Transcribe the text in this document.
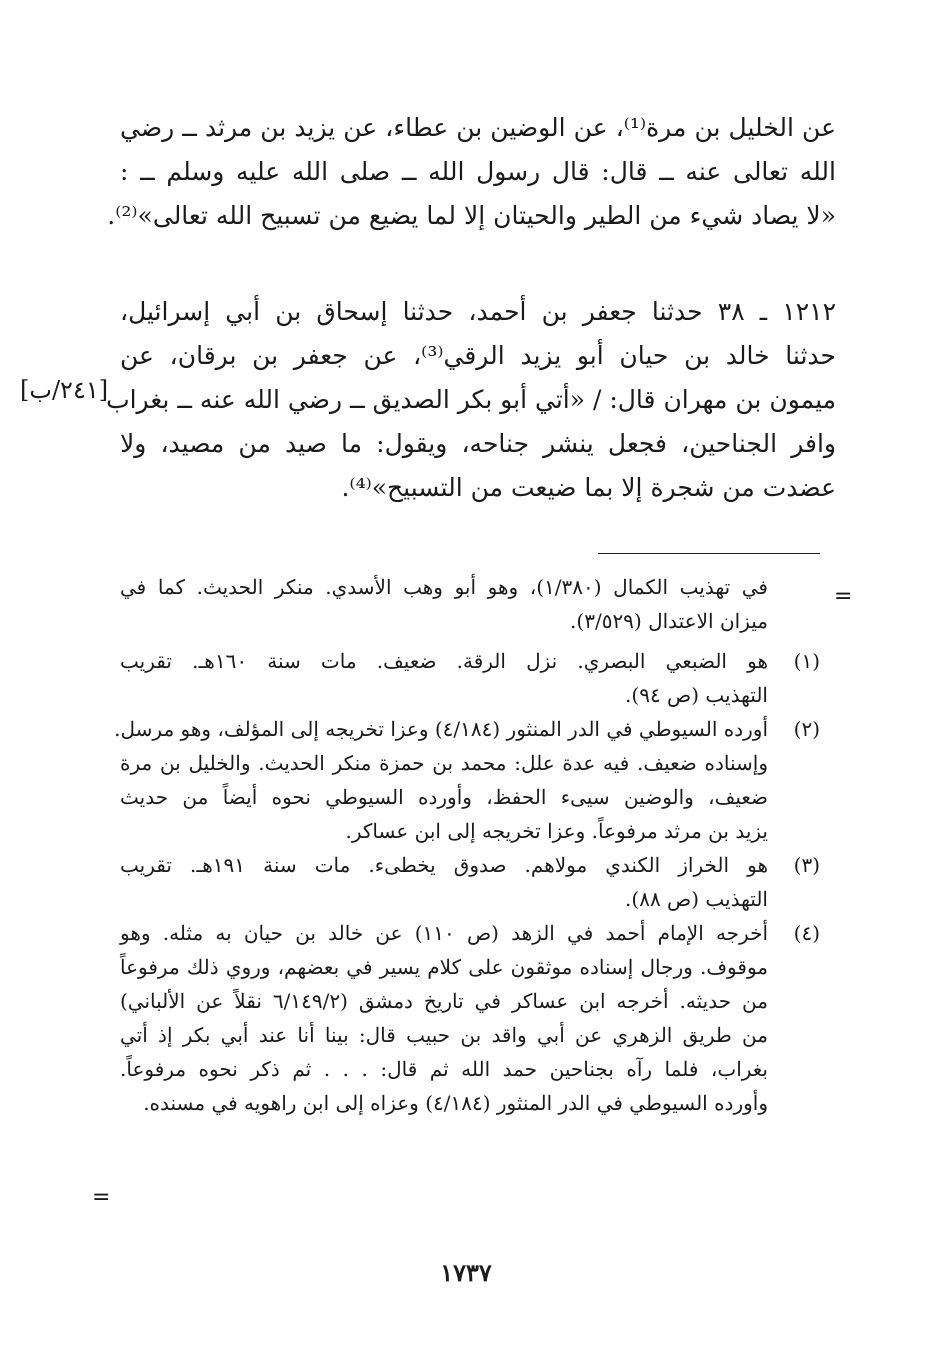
عن الخليل بن مرة⁽¹⁾، عن الوضين بن عطاء، عن يزيد بن مرثد ــ رضي
الله تعالى عنه ــ قال: قال رسول الله ــ صلى الله عليه وسلم ــ :
«لا يصاد شيء من الطير والحيتان إلا لما يضيع من تسبيح الله تعالى»⁽²⁾.
١٢١٢ ـ ٣٨ حدثنا جعفر بن أحمد، حدثنا إسحاق بن أبي إسرائيل،
حدثنا خالد بن حيان أبو يزيد الرقي⁽³⁾، عن جعفر بن برقان، عن
ميمون بن مهران قال: / «أتي أبو بكر الصديق ــ رضي الله عنه ــ بغراب
وافر الجناحين، فجعل ينشر جناحه، ويقول: ما صيد من مصيد، ولا
عضدت من شجرة إلا بما ضيعت من التسبيح»⁽⁴⁾.
[٢٤١/ب]
=
=
في تهذيب الكمال (١/٣٨٠)، وهو أبو وهب الأسدي. منكر الحديث. كما في
ميزان الاعتدال (٣/٥٢٩).
(١)
هو الضبعي البصري. نزل الرقة. ضعيف. مات سنة ١٦٠هـ. تقريب
التهذيب (ص ٩٤).
(٢)
أورده السيوطي في الدر المنثور (٤/١٨٤) وعزا تخريجه إلى المؤلف، وهو مرسل.
وإسناده ضعيف. فيه عدة علل: محمد بن حمزة منكر الحديث. والخليل بن مرة
ضعيف، والوضين سيىء الحفظ، وأورده السيوطي نحوه أيضاً من حديث
يزيد بن مرثد مرفوعاً. وعزا تخريجه إلى ابن عساكر.
(٣)
هو الخراز الكندي مولاهم. صدوق يخطىء. مات سنة ١٩١هـ. تقريب
التهذيب (ص ٨٨).
(٤)
أخرجه الإمام أحمد في الزهد (ص ١١٠) عن خالد بن حيان به مثله. وهو
موقوف. ورجال إسناده موثقون على كلام يسير في بعضهم، وروي ذلك مرفوعاً
من حديثه. أخرجه ابن عساكر في تاريخ دمشق (٦/١٤٩/٢ نقلاً عن الألباني)
من طريق الزهري عن أبي واقد بن حبيب قال: بينا أنا عند أبي بكر إذ أتي
بغراب، فلما رآه بجناحين حمد الله ثم قال: . . . ثم ذكر نحوه مرفوعاً.
وأورده السيوطي في الدر المنثور (٤/١٨٤) وعزاه إلى ابن راهويه في مسنده.
١٧٣٧
